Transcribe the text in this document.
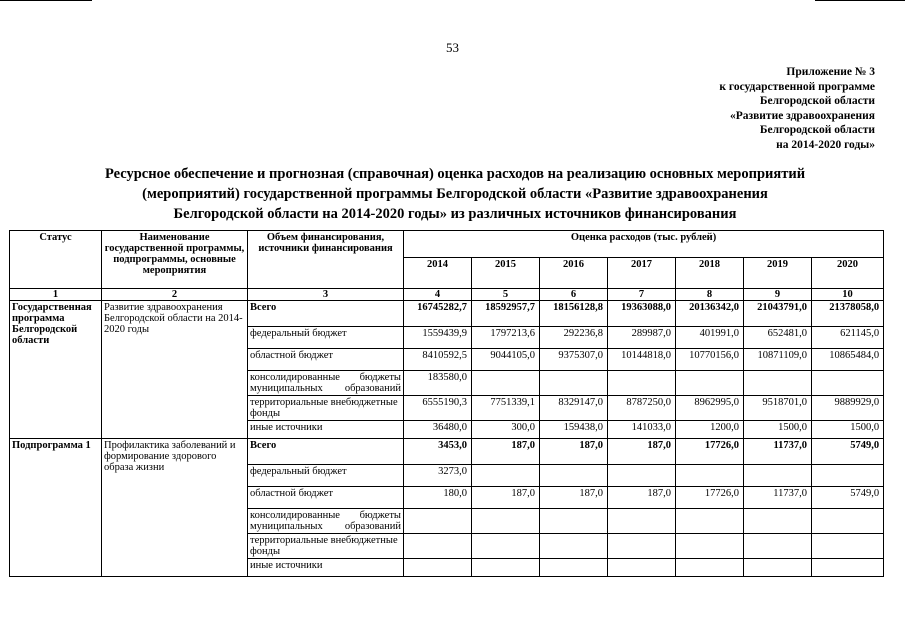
53
Приложение № 3
к государственной программе
Белгородской области
«Развитие здравоохранения
Белгородской области
на 2014-2020 годы»
Ресурсное обеспечение и прогнозная (справочная) оценка расходов на реализацию основных мероприятий
(мероприятий) государственной программы Белгородской области «Развитие здравоохранения
Белгородской области на 2014-2020 годы» из различных источников финансирования
Статус	Наименование государственной программы, подпрограммы, основные мероприятия	Объем финансирования, источники финансирования	Оценка расходов (тыс. рублей)						
			2014	2015	2016	2017	2018	2019	2020
1	2	3	4	5	6	7	8	9	10
Государственная программа Белгородской области	Развитие здравоохранения Белгородской области на 2014-2020 годы	Всего	16745282,7	18592957,7	18156128,8	19363088,0	20136342,0	21043791,0	21378058,0
		федеральный бюджет	1559439,9	1797213,6	292236,8	289987,0	401991,0	652481,0	621145,0
		областной бюджет	8410592,5	9044105,0	9375307,0	10144818,0	10770156,0	10871109,0	10865484,0
		консолидированные бюджеты муниципальных образований	183580,0						
		территориальные внебюджетные фонды	6555190,3	7751339,1	8329147,0	8787250,0	8962995,0	9518701,0	9889929,0
		иные источники	36480,0	300,0	159438,0	141033,0	1200,0	1500,0	1500,0
Подпрограмма 1	Профилактика заболеваний и формирование здорового образа жизни	Всего	3453,0	187,0	187,0	187,0	17726,0	11737,0	5749,0
		федеральный бюджет	3273,0						
		областной бюджет	180,0	187,0	187,0	187,0	17726,0	11737,0	5749,0
		консолидированные бюджеты муниципальных образований							
		территориальные внебюджетные фонды							
		иные источники							
